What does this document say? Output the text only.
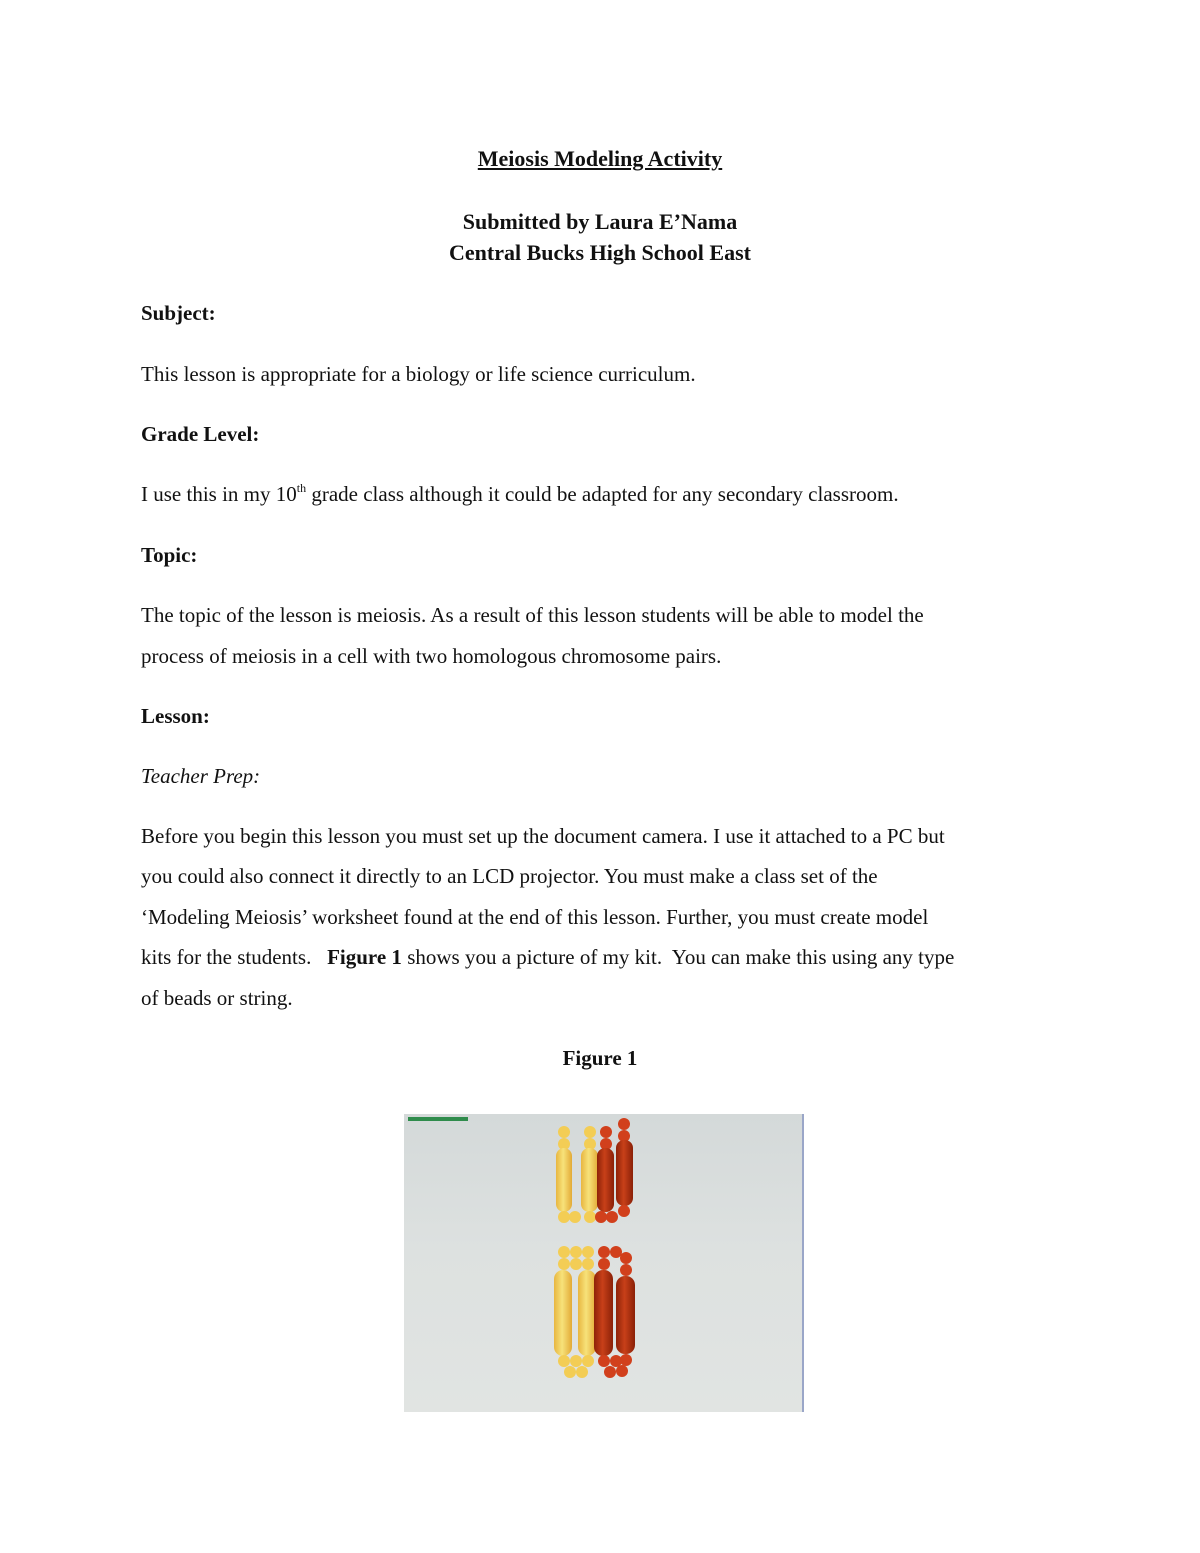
Meiosis Modeling Activity
Submitted by Laura E’Nama
Central Bucks High School East
Subject:
This lesson is appropriate for a biology or life science curriculum.
Grade Level:
I use this in my 10th grade class although it could be adapted for any secondary classroom.
Topic:
The topic of the lesson is meiosis. As a result of this lesson students will be able to model the
process of meiosis in a cell with two homologous chromosome pairs.
Lesson:
Teacher Prep:
Before you begin this lesson you must set up the document camera. I use it attached to a PC but
you could also connect it directly to an LCD projector. You must make a class set of the
‘Modeling Meiosis’ worksheet found at the end of this lesson. Further, you must create model
kits for the students.   Figure 1 shows you a picture of my kit.  You can make this using any type
of beads or string.
Figure 1
